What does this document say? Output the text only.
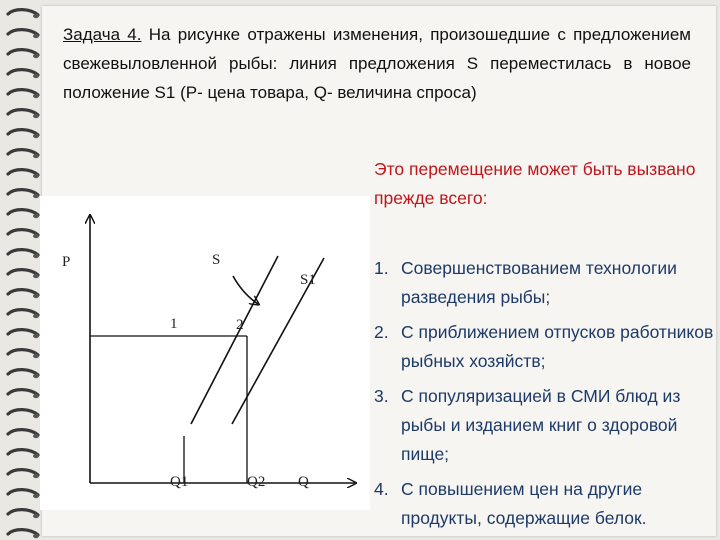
Задача 4. На рисунке отражены изменения, произошедшие с предложением свежевыловленной рыбы: линия предложения S переместилась в новое положение S1 (P- цена товара, Q- величина спроса)

Это перемещение может быть вызвано прежде всего:

1. Совершенствованием технологии разведения рыбы;
2. С приближением отпусков работников рыбных хозяйств;
3. С популяризацией в СМИ блюд из рыбы и изданием книг о здоровой пище;
4. С повышением цен на другие продукты, содержащие белок.
P	S
S1
1	2
Q1	Q2 Q
